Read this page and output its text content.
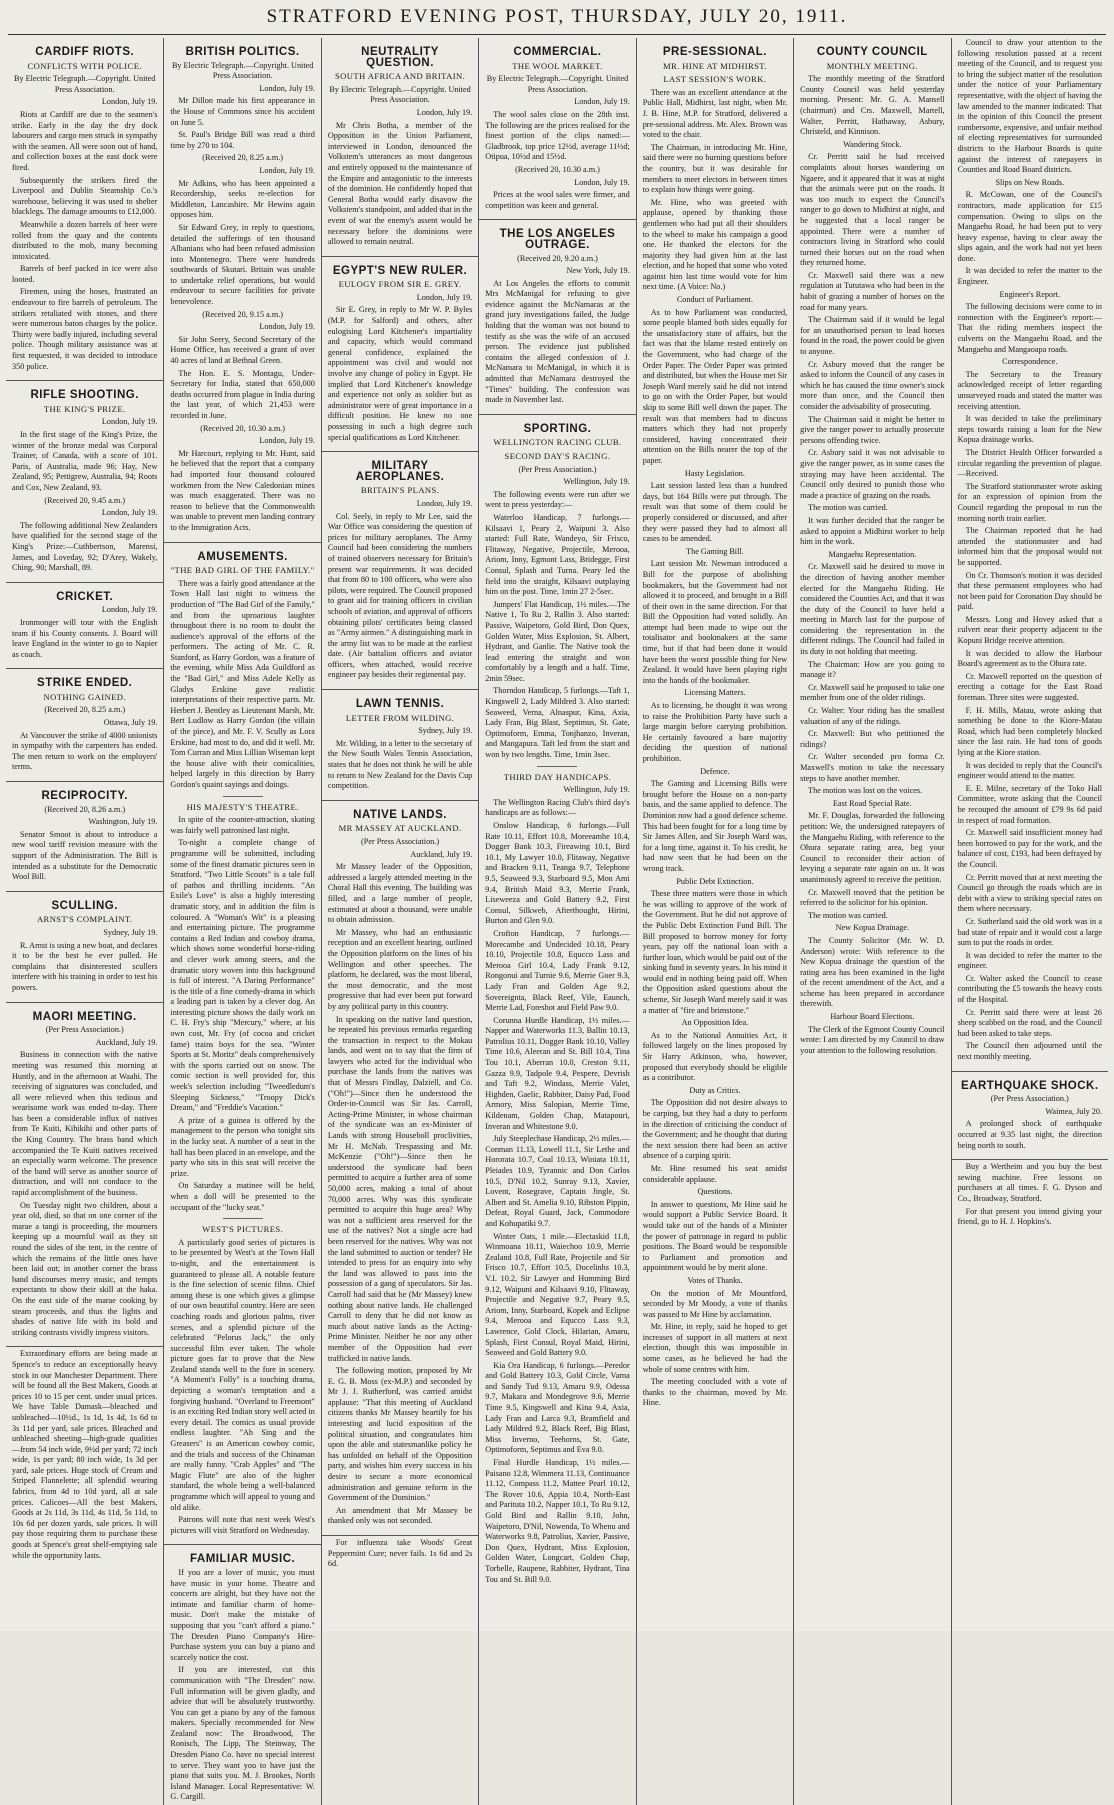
STRATFORD EVENING POST, THURSDAY, JULY 20, 1911.
CARDIFF RIOTS.
CONFLICTS WITH POLICE.
By Electric Telegraph.—Copyright. United Press Association.
London, July 19.

Riots at Cardiff are due to the seamen's strike. Early in the day the dry dock labourers and cargo men struck in sympathy with the seamen. All were soon out of hand, and collection boxes at the east dock were fired.

Subsequently the strikers fired the Liverpool and Dublin Steamship Co.'s warehouse, believing it was used to shelter blacklegs. The damage amounts to £12,000.

Meanwhile a dozen barrels of beer were rolled from the quay and the contents distributed to the mob, many becoming intoxicated.

Barrels of beef packed in ice were also looted.

Firemen, using the hoses, frustrated an endeavour to fire barrels of petroleum. The strikers retaliated with stones, and there were numerous baton charges by the police. Thirty were badly injured, including several police. Though military assistance was at first requested, it was decided to introduce 350 police.

RIFLE SHOOTING.
THE KING'S PRIZE.
London, July 19.

In the first stage of the King's Prize, the winner of the bronze medal was Corporal Trainer, of Canada, with a score of 101. Paris, of Australia, made 96; Hay, New Zealand, 95; Pettigrew, Australia, 94; Roots and Cox, New Zealand, 93.

(Received 20, 9.45 a.m.)
London, July 19.

The following additional New Zealanders have qualified for the second stage of the King's Prize:—Cuthbertson, Marensi, James, and Loveday, 92; D'Arey, Wakely, Ching, 90; Marshall, 89.

CRICKET.
London, July 19.

Ironmonger will tour with the English team if his County consents. J. Board will leave England in the winter to go to Napier as coach.

STRIKE ENDED.
NOTHING GAINED.
(Received 20, 8.25 a.m.)
Ottawa, July 19.

At Vancouver the strike of 4000 unionists in sympathy with the carpenters has ended. The men return to work on the employers' terms.

RECIPROCITY.
(Received 20, 8.26 a.m.)
Washington, July 19.

Senator Smoot is about to introduce a new wool tariff revision measure with the support of the Administration. The Bill is intended as a substitute for the Democratic Wool Bill.

SCULLING.
ARNST'S COMPLAINT.
Sydney, July 19.

R. Arnst is using a new boat, and declares it to be the best he ever pulled. He complains that disinterested scullers interfere with his training in order to test his powers.

MAORI MEETING.
(Per Press Association.)
Auckland, July 19.

Business in connection with the native meeting was resumed this morning at Huntly, and in the afternoon at Waahi. The receiving of signatures was concluded, and all were relieved when this tedious and wearisome work was ended to-day. There has been a considerable influx of natives from Te Kuiti, Kihikihi and other parts of the King Country. The brass band which accompanied the Te Kuiti natives received an especially warm welcome. The presence of the band will serve as another source of distraction, and will not conduce to the rapid accomplishment of the business.

On Tuesday night two children, about a year old, died, so that on one corner of the marae a tangi is proceeding, the mourners keeping up a mournful wail as they sit round the sides of the tent, in the centre of which the remains of the little ones have been laid out; in another corner the brass band discourses merry music, and tempts expectants to show their skill at the haka. On the east side of the marae cooking by steam proceeds, and thus the lights and shades of native life with its bold and striking contrasts vividly impress visitors.

Extraordinary efforts are being made at Spence's to reduce an exceptionally heavy stock in our Manchester Department. There will be found all the Best Makers, Goods at prices 10 to 15 per cent. under usual prices. We have Table Damask—bleached and unbleached—10½d., 1s 1d, 1s 4d, 1s 6d to 3s 11d per yard, sale prices. Bleached and unbleached sheeting—high-grade qualities—from 54 inch wide, 9½d per yard; 72 inch wide, 1s per yard; 80 inch wide, 1s 3d per yard, sale prices. Huge stock of Cream and Striped Flannelette; all splendid wearing fabrics, from 4d to 10d yard, all at sale prices. Calicoes—All the best Makers, Goods at 2s 11d, 3s 11d, 4s 11d, 5s 11d, to 10s 6d per dozen yards, sale prices. It will pay those requiring them to purchase these goods at Spence's great shelf-emptying sale while the opportunity lasts.

BRITISH POLITICS.
By Electric Telegraph.—Copyright. United Press Association.
London, July 19.

Mr Dillon made his first appearance in the House of Commons since his accident on June 5.

St. Paul's Bridge Bill was read a third time by 270 to 104.

(Received 20, 8.25 a.m.)
London, July 19.

Mr Adkins, who has been appointed a Recordership, seeks re-election for Middleton, Lancashire. Mr Hewins again opposes him.

Sir Edward Grey, in reply to questions, detailed the sufferings of ten thousand Albanians who had been refused admission into Montenegro. There were hundreds southwards of Skutari. Britain was unable to undertake relief operations, but would endeavour to secure facilities for private benevolence.

(Received 20, 9.15 a.m.)
London, July 19.

Sir John Seery, Second Secretary of the Home Office, has received a grant of over 40 acres of land at Bethnal Green.

The Hon. E. S. Montagu, Under-Secretary for India, stated that 650,000 deaths occurred from plague in India during the last year, of which 21,453 were recorded in June.

(Received 20, 10.30 a.m.)
London, July 19.

Mr Harcourt, replying to Mr. Hunt, said he believed that the report that a company had imported four thousand coloured workmen from the New Caledonian mines was much exaggerated. There was no reason to believe that the Commonwealth was unable to prevent men landing contrary to the Immigration Acts.

AMUSEMENTS.
"THE BAD GIRL OF THE FAMILY."

There was a fairly good attendance at the Town Hall last night to witness the production of "The Bad Girl of the Family," and from the uproarious laughter throughout there is no room to doubt the audience's approval of the efforts of the performers. The acting of Mr. C. R. Stanford, as Harry Gordon, was a feature of the evening, while Miss Ada Guildford as the "Bad Girl," and Miss Adele Kelly as Gladys Erskine gave realistic interpretations of their respective parts. Mr. Herbert J. Bentley as Lieutenant Marsh, Mr. Bert Ludlow as Harry Gordon (the villain of the piece), and Mr. F. V. Scully as Lora Erskine, had most to do, and did it well. Mr. Tom Curran and Miss Lillian Wiseman kept the house alive with their comicalities, helped largely in this direction by Barry Gordon's quaint sayings and doings.

HIS MAJESTY'S THEATRE.

In spite of the counter-attraction, skating was fairly well patronised last night.

To-night a complete change of programme will be submitted, including some of the finest dramatic pictures seen in Stratford. "Two Little Scouts" is a tale full of pathos and thrilling incidents. "An Exile's Love" is also a highly interesting dramatic story, and in addition the film is coloured. A "Woman's Wit" is a pleasing and entertaining picture. The programme contains a Red Indian and cowboy drama, which shows some wonderful horse-riding and clever work among steers, and the dramatic story woven into this background is full of interest. "A Daring Performance" is the title of a fine comedy-drama in which a leading part is taken by a clever dog. An interesting picture shows the daily work on C. H. Fry's ship "Mercury," where, at his own cost, Mr. Fry (of cocoa and cricket fame) trains boys for the sea. "Winter Sports at St. Moritz" deals comprehensively with the sports carried out on snow. The comic section is well provided for, this week's selection including "Tweedledum's Sleeping Sickness," "Troopy Dick's Dream," and "Freddie's Vacation."

A prize of a guinea is offered by the management to the person who tonight sits in the lucky seat. A number of a seat in the hall has been placed in an envelope, and the party who sits in this seat will receive the prize.

On Saturday a matinee will be held, when a doll will be presented to the occupant of the "lucky seat."

WEST'S PICTURES.

A particularly good series of pictures is to be presented by West's at the Town Hall to-night, and the entertainment is guaranteed to please all. A notable feature is the fine selection of scenic films. Chief among these is one which gives a glimpse of our own beautiful country. Here are seen coaching roads and glorious palms, river scenes, and a splendid picture of the celebrated "Pelorus Jack," the only successful film ever taken. The whole picture goes far to prove that the New Zealand stands well to the fore in scenery. "A Moment's Folly" is a touching drama, depicting a woman's temptation and a forgiving husband. "Overland to Freemont" is an exciting Red Indian story well acted in every detail. The comics as usual provide endless laughter. "Ah Sing and the Greasers" is an American cowboy comic, and the trials and success of the Chinaman are really funny. "Crab Apples" and "The Magic Flute" are also of the higher standard, the whole being a well-balanced programme which will appeal to young and old alike.

Patrons will note that next week West's pictures will visit Stratford on Wednesday.

FAMILIAR MUSIC.

If you are a lover of music, you must have music in your home. Theatre and concerts are alright, but they have not the intimate and familiar charm of home-music. Don't make the mistake of supposing that you "can't afford a piano." The Dresden Piano Company's Hire-Purchase system you can buy a piano and scarcely notice the cost.

If you are interested, cut this communication with "The Dresden" now. Full information will be given gladly, and advice that will be absolutely trustworthy. You can get a piano by any of the famous makers. Specially recommended for New Zealand now: The Broadwood, The Ronisch, The Lipp, The Steinway, The Dresden Piano Co. have no special interest to serve. They want you to have just the piano that suits you. M. J. Brookes, North Island Manager. Local Representative: W. G. Cargill.

NEUTRALITY QUESTION.
SOUTH AFRICA AND BRITAIN.
By Electric Telegraph.—Copyright. United Press Association.
London, July 19.

Mr Chris Botha, a member of the Opposition in the Union Parliament, interviewed in London, denounced the Volkstem's utterances as most dangerous and entirely opposed to the maintenance of the Empire and antagonistic to the interests of the dominion. He confidently hoped that General Botha would early disavow the Volkstem's standpoint, and added that in the event of war the enemy's assent would be necessary before the dominions were allowed to remain neutral.

EGYPT'S NEW RULER.
EULOGY FROM SIR E. GREY.
London, July 19.

Sir E. Grey, in reply to Mr W. P. Byles (M.P. for Salford) and others, after eulogising Lord Kitchener's impartiality and capacity, which would command general confidence, explained the appointment was civil and would not involve any change of policy in Egypt. He implied that Lord Kitchener's knowledge and experience not only as soldier but as administrator were of great importance in a difficult position. He knew no one possessing in such a high degree such special qualifications as Lord Kitchener.

MILITARY AEROPLANES.
BRITAIN'S PLANS.
London, July 19.

Col. Seely, in reply to Mr Lee, said the War Office was considering the question of prices for military aeroplanes. The Army Council had been considering the numbers of trained observers necessary for Britain's present war requirements. It was decided that from 80 to 100 officers, who were also pilots, were required. The Council proposed to grant aid for training officers in civilian schools of aviation, and approval of officers obtaining pilots' certificates being classed as "Army airmen." A distinguishing mark in the army list was to be made at the earliest date. (Air battalion officers and aviator officers, when attached, would receive engineer pay besides their regimental pay.

LAWN TENNIS.
LETTER FROM WILDING.
Sydney, July 19.

Mr. Wilding, in a letter to the secretary of the New South Wales Tennis Association, states that he does not think he will be able to return to New Zealand for the Davis Cup competition.

NATIVE LANDS.
MR MASSEY AT AUCKLAND.
(Per Press Association.)
Auckland, July 19.

Mr Massey leader of the Opposition, addressed a largely attended meeting in the Choral Hall this evening. The building was filled, and a large number of people, estimated at about a thousand, were unable to obtain admission.

Mr Massey, who had an enthusiastic reception and an excellent hearing, outlined the Opposition platform on the lines of his Wellington and other speeches. The platform, he declared, was the most liberal, the most democratic, and the most progressive that had ever been put forward by any political party in this country.

In speaking on the native land question, he repeated his previous remarks regarding the transaction in respect to the Mokau lands, and went on to say that the firm of lawyers who acted for the individual who purchase the lands from the natives was that of Messrs Findlay, Dalziell, and Co. ("Oh!")—Since then he understood the Order-in-Council was Sir Jas. Carroll, Acting-Prime Minister, in whose chairman of the syndicate was an ex-Minister of Lands with strong Houseboll proclivities, Mr H. McNab. Trespassing and Mr. McKenzie ("Oh!")—Since then he understood the syndicate had been permitted to acquire a further area of some 50,000 acres, making a total of about 70,000 acres. Why was this syndicate permitted to acquire this huge area? Why was not a sufficient area reserved for the use of the natives? Not a single acre had been reserved for the natives. Why was not the land submitted to auction or tender? He intended to press for an enquiry into why the land was allowed to pass into the possession of a gang of speculators. Sir Jas. Carroll had said that he (Mr Massey) knew nothing about native lands. He challenged Carroll to deny that he did not know as much about native lands as the Acting-Prime Minister. Neither he nor any other member of the Opposition had ever trafficked in native lands.

The following motion, proposed by Mr E. G. B. Moss (ex-M.P.) and seconded by Mr J. J. Rutherford, was carried amidst applause: "That this meeting of Auckland citizens thanks Mr Massey heartily for his interesting and lucid exposition of the political situation, and congratulates him upon the able and statesmanlike policy he has unfolded on behalf of the Opposition party, and wishes him every success in his desire to secure a more economical administration and genuine reform in the Government of the Dominion."

An amendment that Mr Massey be thanked only was not seconded.

For influenza take Woods' Great Peppermint Cure; never fails. 1s 6d and 2s 6d.

COMMERCIAL.
THE WOOL MARKET.
By Electric Telegraph.—Copyright. United Press Association.
London, July 19.

The wool sales close on the 28th inst. The following are the prices realised for the finest portion of the clips named:—Gladbrook, top price 12½d, average 11½d; Otipua, 10½d and 15½d.

(Received 20, 10.30 a.m.)
London, July 19.

Prices at the wool sales were firmer, and competition was keen and general.

THE LOS ANGELES OUTRAGE.
(Received 20, 9.20 a.m.)
New York, July 19.

At Los Angeles the efforts to commit Mrs McManigal for refusing to give evidence against the McNamaras at the grand jury investigations failed, the Judge holding that the woman was not bound to testify as she was the wife of an accused person. The evidence just published contains the alleged confession of J. McNamara to McManigal, in which it is admitted that McNamara destroyed the "Times" building. The confession was made in November last.

SPORTING.
WELLINGTON RACING CLUB.
SECOND DAY'S RACING.
(Per Press Association.)
Wellington, July 19.

The following events were run after we went to press yesterday:—

Waterloo Handicap, 7 furlongs.—Kilsaavi 1, Peary 2, Waipuni 3. Also started: Full Rate, Wandeyo, Sir Frisco, Flitaway, Negative, Projectile, Merooa, Ariom, Inny, Egmont Lass, Bridegge, First Consul, Splash and Turna. Peary led the field into the straight, Kilsaavi outplaying him on the post. Time, 1min 27 2-5sec.

Jumpers' Flat Handicap, 1½ miles.—The Native 1, To Ru 2, Rallin 3. Also started: Passive, Waipetoro, Gold Bird, Don Quex, Golden Water, Miss Explosion, St. Albert, Hydrant, and Ganlie. The Native took the lead entering the straight and won comfortably by a length and a half. Time, 2min 59sec.

Thorndon Handicap, 5 furlongs.—Taft 1, Kingswell 2, Lady Mildred 3. Also started: Seaweed, Verna, Alnaspur, Kina, Axia, Lady Fran, Big Blast, Septimus, St. Gate, Optimoform, Emma, Tonjhanzo, Inveran, and Mangapura. Taft led from the start and won by two lengths. Time, 1min 3sec.

THIRD DAY HANDICAPS.
Wellington, July 19.

The Wellington Racing Club's third day's handicaps are as follows:—

Onslow Handicap, 6 furlongs.—Full Rate 10.11, Effort 10.8, Moreeamhe 10.4, Dogger Bank 10.3, Fireawing 10.1, Bird 10.1, My Lawyer 10.0, Flitaway, Negative and Bracken 9.11, Teanga 9.7, Telephone 9.5, Seaweed 9.3, Starboard 9.5, Mon Ami 9.4, British Maid 9.3, Merrie Frank, Liseweeza and Gold Battery 9.2, First Consul, Silkweb, Afterthought, Hirini, Burton and Glen 9.0.

Crofton Handicap, 7 furlongs.—Morecambe and Undecided 10.18, Peary 10.10, Projectile 10.8, Equcco Lass and Merooa Girl 10.4, Lady Frank 9.12, Rongonui and Turnie 9.6, Merrie Goer 9.3, Lady Fran and Golden Age 9.2, Sovereignta, Black Reef, Vile, Eaunch, Merrie Lad, Foreshot and Field Paw 9.0.

Corunna Hurdle Handicap, 1½ miles.—Napper and Waterworks 11.3, Ballin 10.13, Patrolius 10.11, Dogger Bank 10.10, Valley Time 10.6, Aleeran and St. Bill 10.4, Tina Tou 10.1, Aberran 10.0, Creston 9.11, Gazza 9.9, Tadpole 9.4, Pespere, Devrish and Taft 9.2, Windass, Merrie Valet, Highden, Gaelic, Rabbiter, Daisy Pad, Food Armory, Miss Salopian, Merrie Time, Kildenam, Golden Chap, Matapouri, Inveran and Whitestone 9.0.

July Steeplechase Handicap, 2½ miles.—Conman 11.13, Lowell 11.1, Sir Lethe and Hororata 10.7, Coal 10.13, Winiata 10.11, Pleiades 10.9, Tyrannic and Don Carlos 10.5, D'Nil 10.2, Sunray 9.13, Xavier, Lovent, Rosegrave, Captain Jingle, St. Albert and St. Amelia 9.10, Ribston Pippin, Defeat, Royal Guard, Jack, Commodore and Kohupatiki 9.7.

Winter Oats, 1 mile.—Electaskid 11.8, Winmoana 10.11, Waiechoo 10.9, Merrie Zealand 10.8, Full Rate, Projectile and Sir Frisco 10.7, Effort 10.5, Docelinhs 10.3, V.I. 10.2, Sir Lawyer and Humming Bird 9.12, Waipuni and Kilsaavi 9.10, Flitaway, Projectile and Negative 9.7, Peary 9.5, Ariom, Inny, Starboard, Kopek and Eclipse 9.4, Merooa and Equcco Lass 9.3, Lawrence, Gold Clock, Hilarian, Amaru, Splash, First Consul, Royal Maid, Hirini, Seaweed and Gold Battery 9.0.

Kia Ora Handicap, 6 furlongs.—Peredor and Gold Battery 10.3, Gold Circle, Varna and Sandy Tud 9.13, Amaru 9.9, Odessa 9.7, Makara and Mondegrove 9.6, Merrie Time 9.5, Kingswell and Kina 9.4, Axia, Lady Fran and Larca 9.3, Bramfield and Lady Mildred 9.2, Black Reef, Big Blast, Miss Inverno, Teehorns, St. Gate, Optimoform, Septimus and Eva 9.0.

Final Hurdle Handicap, 1½ miles.—Paisano 12.8, Wimmera 11.13, Continuance 11.12, Compass 11.2, Mattee Pearl 10.12, The Rover 10.6, Appia 10.4, North-East and Parituta 10.2, Napper 10.1, To Ru 9.12, Gold Bird and Rallin 9.10, John, Waipetoro, D'Nil, Nowenda, To Whenu and Waterworks 9.8, Patrolius, Xavier, Passive, Don Quex, Hydrant, Miss Explosion, Golden Water, Longcart, Golden Chap, Torbelle, Raupene, Rabbiter, Hydrant, Tina Tou and St. Bill 9.0.

PRE-SESSIONAL.
MR. HINE AT MIDHIRST.
LAST SESSION'S WORK.

There was an excellent attendance at the Public Hall, Midhirst, last night, when Mr. J. B. Hine, M.P. for Stratford, delivered a pre-sessional address. Mr. Alex. Brown was voted to the chair.

The Chairman, in introducing Mr. Hine, said there were no burning questions before the country, but it was desirable for members to meet electors in between times to explain how things were going.

Mr. Hine, who was greeted with applause, opened by thanking those gentlemen who had put all their shoulders to the wheel to make his campaign a good one. He thanked the electors for the majority they had given him at the last election, and he hoped that some who voted against him last time would vote for him next time. (A Voice: No.)

Conduct of Parliament.

As to how Parliament was conducted, some people blamed both sides equally for the unsatisfactory state of affairs, but the fact was that the blame rested entirely on the Government, who had charge of the Order Paper. The Order Paper was printed and distributed, but when the House met Sir Joseph Ward merely said he did not intend to go on with the Order Paper, but would skip to some Bill well down the paper. The result was that members had to discuss matters which they had not properly considered, having concentrated their attention on the Bills nearer the top of the paper.

Hasty Legislation.

Last session lasted less than a hundred days, but 164 Bills were put through. The result was that some of them could be properly considered or discussed, and after they were passed they had to almost all cases to be amended.

The Gaming Bill.

Last session Mr. Newman introduced a Bill for the purpose of abolishing bookmakers, but the Government had not allowed it to proceed, and brought in a Bill of their own in the same direction. For that Bill the Opposition had voted solidly. An attempt had been made to wipe out the totalisator and bookmakers at the same time, but if that had been done it would have been the worst possible thing for New Zealand. It would have been playing right into the hands of the bookmaker.

Licensing Matters.

As to licensing, he thought it was wrong to raise the Prohibition Party have such a large margin before carrying prohibition. He certainly favoured a bare majority deciding the question of national prohibition.

Defence.

The Gaming and Licensing Bills were brought before the House on a non-party basis, and the same applied to defence. The Dominion now had a good defence scheme. This had been fought for for a long time by Sir James Allen, and Sir Joseph Ward was, for a long time, against it. To his credit, he had now seen that he had been on the wrong track.

Public Debt Extinction.

These three matters were those in which he was willing to approve of the work of the Government. But he did not approve of the Public Debt Extinction Fund Bill. The Bill proposed to borrow money for forty years, pay off the national loan with a further loan, which would be paid out of the sinking fund in seventy years. In his mind it would end in nothing being paid off. When the Opposition asked questions about the scheme, Sir Joseph Ward merely said it was a matter of "fire and brimstone."

An Opposition Idea.

As to the National Annuities Act, it followed largely on the lines proposed by Sir Harry Atkinson, who, however, proposed that everybody should be eligible as a contributor.

Duty as Critics.

The Opposition did not desire always to be carping, but they had a duty to perform in the direction of criticising the conduct of the Government; and he thought that during the next session there had been an active absence of a carping spirit.

Mr. Hine resumed his seat amidst considerable applause.

Questions.

In answer to questions, Mr Hine said he would support a Public Service Board. It would take out of the hands of a Minister the power of patronage in regard to public positions. The Board would be responsible to Parliament and promotion and appointment would be by merit alone.

Votes of Thanks.

On the motion of Mr Mountford, seconded by Mr Moody, a vote of thanks was passed to Mr Hine by acclamation.

Mr. Hine, in reply, said he hoped to get increases of support in all matters at next election, though this was impossible in some cases, as he believed he had the whole of some centres with him.

The meeting concluded with a vote of thanks to the chairman, moved by Mr. Hine.

COUNTY COUNCIL
MONTHLY MEETING.

The monthly meeting of the Stratford County Council was held yesterday morning. Present: Mr. G. A. Mansell (chairman) and Crs. Maxwell, Martell, Walter, Perritt, Hathaway, Asbury, Christeld, and Kinnison.

Wandering Stock.

Cr. Perritt said he had received complaints about horses wandering on Ngaere, and it appeared that it was at night that the animals were put on the roads. It was too much to expect the Council's ranger to go down to Midhirst at night, and he suggested that a local ranger be appointed. There were a number of contractors living in Stratford who could turned their horses out on the road when they returned home.

Cr. Maxwell said there was a new regulation at Tututawa who had been in the habit of grazing a number of horses on the road for many years.

The Chairman said if it would be legal for an unauthorised person to lead horses found in the road, the power could be given to anyone.

Cr. Asbury moved that the ranger be asked to inform the Council of any cases in which he has caused the time owner's stock more than once, and the Council then consider the advisability of prosecuting.

The Chairman said it might be better to give the ranger power to actually prosecute persons offending twice.

Cr. Asbury said it was not advisable to give the ranger power, as in some cases the straying may have been accidental. The Council only desired to punish those who made a practice of grazing on the roads.

The motion was carried.

It was further decided that the ranger be asked to appoint a Midhirst worker to help him in the work.

Mangaehu Representation.

Cr. Maxwell said he desired to move in the direction of having another member elected for the Mangaehu Riding. He considered the Counties Act, and that it was the duty of the Council to have held a meeting in March last for the purpose of considering the representation in the different ridings. The Council had failed in its duty in not holding that meeting.

The Chairman: How are you going to manage it?

Cr. Maxwell said he proposed to take one member from one of the older ridings.

Cr. Walter: Your riding has the smallest valuation of any of the ridings.

Cr. Maxwell: But who petitioned the ridings?

Cr. Walter seconded pro forma Cr. Maxwell's motion to take the necessary steps to have another member.

The motion was lost on the voices.

East Road Special Rate.

Mr. F. Douglas, forwarded the following petition: We, the undersigned ratepayers of the Mangaehu Riding, with reference to the Ohura separate rating area, beg your Council to reconsider their action of levying a separate rate again on us. It was unanimously agreed to receive the petition.

Cr. Maxwell moved that the petition be referred to the solicitor for his opinion.

The motion was carried.

New Kopua Drainage.

The County Solicitor (Mr. W. D. Anderson) wrote: With reference to the New Kopua drainage the question of the rating area has been examined in the light of the recent amendment of the Act, and a scheme has been prepared in accordance therewith.

Harbour Board Elections.

The Clerk of the Egmont County Council wrote: I am directed by my Council to draw your attention to the following resolution.

Council to draw your attention to the following resolution passed at a recent meeting of the Council, and to request you to bring the subject matter of the resolution under the notice of your Parliamentary representative, with the object of having the law amended to the manner indicated: That in the opinion of this Council the present cumbersome, expensive, and unfair method of electing representatives for surrounded districts to the Harbour Boards is quite against the interest of ratepayers in Counties and Road Board districts.

Slips on New Roads.

R. McCowan, one of the Council's contractors, made application for £15 compensation. Owing to slips on the Mangaehu Road, he had been put to very heavy expense, having to clear away the slips again, and the work had not yet been done.

It was decided to refer the matter to the Engineer.

Engineer's Report.

The following decisions were come to in connection with the Engineer's report:—That the riding members inspect the culverts on the Mangaehu Road, and the Mangaehu and Mangaoapa roads.

Correspondence.

The Secretary to the Treasury acknowledged receipt of letter regarding unsurveyed roads and stated the matter was receiving attention.

It was decided to take the preliminary steps towards raising a loan for the New Kopua drainage works.

The District Health Officer forwarded a circular regarding the prevention of plague.—Received.

The Stratford stationmaster wrote asking for an expression of opinion from the Council regarding the proposal to run the morning north train earlier.

The Chairman reported that he had attended the stationmaster and had informed him that the proposal would not be supported.

On Cr. Thomson's motion it was decided that these permanent employees who had not been paid for Coronation Day should be paid.

Messrs. Long and Hovey asked that a culvert near their property adjacent to the Kopuni Bridge receive attention.

It was decided to allow the Harbour Board's agreement as to the Ohura rate.

Cr. Maxwell reported on the question of erecting a cottage for the East Road foreman. Three sites were suggested.

F. H. Mills, Matau, wrote asking that something be done to the Kiore-Matau Road, which had been completely blocked since the last rain. He had tons of goods lying at the Kiore station.

It was decided to reply that the Council's engineer would attend to the matter.

E. E. Milne, secretary of the Toko Hall Committee, wrote asking that the Council be recouped the amount of £79 9s 6d paid in respect of road formation.

Cr. Maxwell said insufficient money had been borrowed to pay for the work, and the balance of cost, £193, had been defrayed by the Council.

Cr. Perritt moved that at next meeting the Council go through the roads which are in debt with a view to striking special rates on them where necessary.

Cr. Sutherland said the old work was in a bad state of repair and it would cost a large sum to put the roads in order.

It was decided to refer the matter to the engineer.

Cr. Walter asked the Council to cease contributing the £5 towards the heavy costs of the Hospital.

Cr. Perritt said there were at least 26 sheep scabbed on the road, and the Council had been asked to take steps.

The Council then adjourned until the next monthly meeting.

EARTHQUAKE SHOCK.
(Per Press Association.)
Waimea, July 20.

A prolonged shock of earthquake occurred at 9.35 last night, the direction being north to south.

Buy a Wertheim and you buy the best sewing machine. Free lessons on purchasers at all times. F. G. Dyson and Co., Broadway, Stratford.

For that present you intend giving your friend, go to H. J. Hopkins's.
